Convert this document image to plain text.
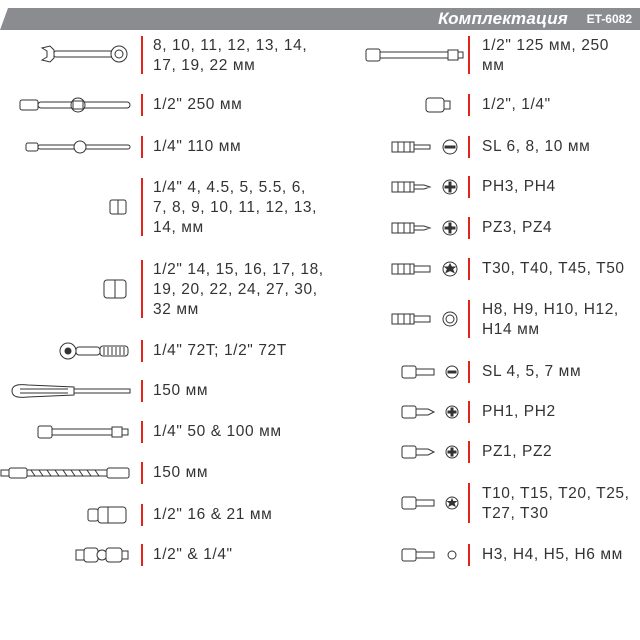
Комплектация ET-6082
8, 10, 11, 12, 13, 14,
17, 19, 22 мм
1/2" 250 мм
1/4" 110 мм
1/4" 4, 4.5, 5, 5.5, 6,
7, 8, 9, 10, 11, 12, 13,
14, мм
1/2" 14, 15, 16, 17, 18,
19, 20, 22, 24, 27, 30,
32 мм
1/4" 72T; 1/2" 72T
150 мм
1/4" 50 & 100 мм
150 мм
1/2" 16 & 21 мм
1/2" & 1/4"
1/2" 125 мм, 250
мм
1/2", 1/4"
SL 6, 8, 10 мм
PH3, PH4
PZ3, PZ4
T30, T40, T45, T50
H8, H9, H10, H12,
H14 мм
SL 4, 5, 7 мм
PH1, PH2
PZ1, PZ2
T10, T15, T20, T25,
T27, T30
H3, H4, H5, H6 мм
